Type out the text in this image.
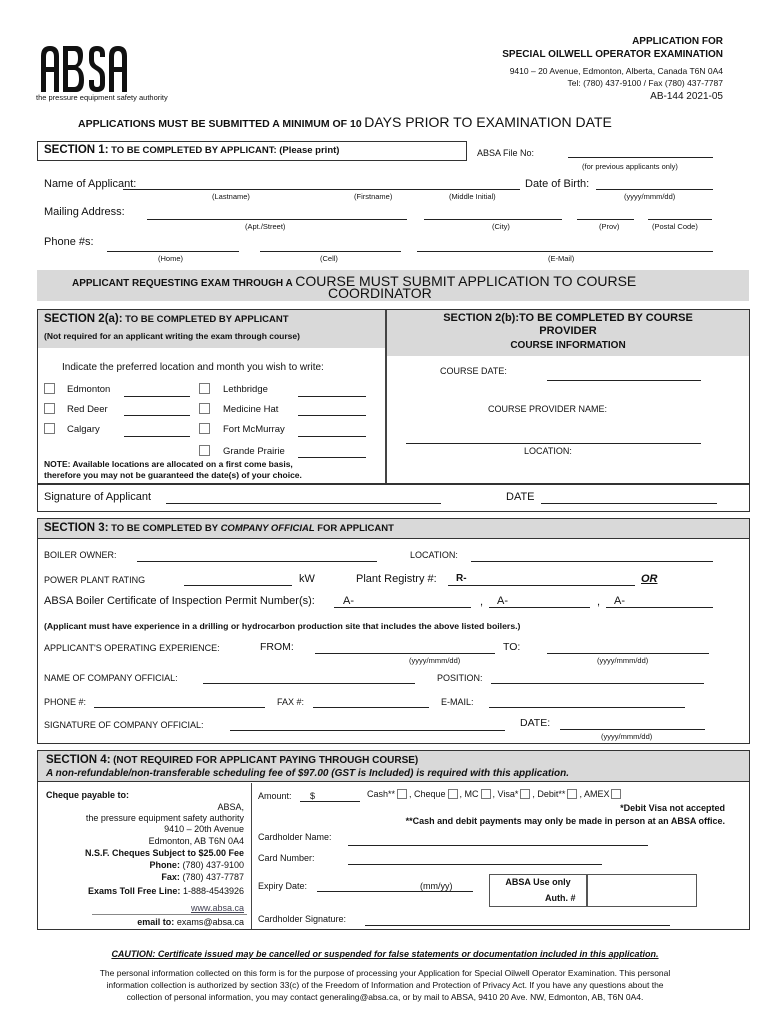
the pressure equipment safety authority
APPLICATION FOR
SPECIAL OILWELL OPERATOR EXAMINATION
9410 – 20 Avenue, Edmonton, Alberta, Canada T6N 0A4
Tel: (780) 437-9100 / Fax (780) 437-7787
AB-144 2021-05
APPLICATIONS MUST BE SUBMITTED A MINIMUM OF 10 DAYS PRIOR TO EXAMINATION DATE
SECTION 1: TO BE COMPLETED BY APPLICANT: (Please print)	ABSA File No:
(for previous applicants only)
Name of Applicant:	Date of Birth:
(Lastname)	(Firstname)	(Middle Initial)	(yyyy/mmm/dd)
Mailing Address:
(Apt./Street)	(City)	(Prov)	(Postal Code)
Phone #s:
(Home)	(Cell)	(E-Mail)
APPLICANT REQUESTING EXAM THROUGH A COURSE MUST SUBMIT APPLICATION TO COURSE
COORDINATOR
SECTION 2(a): TO BE COMPLETED BY APPLICANT
(Not required for an applicant writing the exam through course)
Indicate the preferred location and month you wish to write:
Edmonton
Red Deer
Calgary
Lethbridge
Medicine Hat
Fort McMurray
Grande Prairie
NOTE: Available locations are allocated on a first come basis,
therefore you may not be guaranteed the date(s) of your choice.
SECTION 2(b):TO BE COMPLETED BY COURSE
PROVIDER
COURSE INFORMATION
COURSE DATE:
COURSE PROVIDER NAME:
LOCATION:
Signature of Applicant	DATE
SECTION 3: TO BE COMPLETED BY COMPANY OFFICIAL FOR APPLICANT
BOILER OWNER:	LOCATION:
POWER PLANT RATING	kW	Plant Registry #: R-	OR
ABSA Boiler Certificate of Inspection Permit Number(s):	A-	, A-	, A-
(Applicant must have experience in a drilling or hydrocarbon production site that includes the above listed boilers.)
APPLICANT'S OPERATING EXPERIENCE:	FROM:	TO:
(yyyy/mmm/dd)	(yyyy/mmm/dd)
NAME OF COMPANY OFFICIAL:	POSITION:
PHONE #:	FAX #:	E-MAIL:
SIGNATURE OF COMPANY OFFICIAL:	DATE:
(yyyy/mmm/dd)
SECTION 4: (NOT REQUIRED FOR APPLICANT PAYING THROUGH COURSE)
A non-refundable/non-transferable scheduling fee of $97.00 (GST is Included) is required with this application.
Cheque payable to:
ABSA,
the pressure equipment safety authority
9410 – 20th Avenue
Edmonton, AB T6N 0A4
N.S.F. Cheques Subject to $25.00 Fee
Phone: (780) 437-9100
Fax: (780) 437-7787
Exams Toll Free Line: 1-888-4543926
www.absa.ca
email to: exams@absa.ca
Amount: $	Cash** , Cheque , MC , Visa* , Debit** , AMEX
*Debit Visa not accepted
**Cash and debit payments may only be made in person at an ABSA office.
Cardholder Name:
Card Number:
Expiry Date:	(mm/yy)	ABSA Use only
Auth. #
Cardholder Signature:
CAUTION: Certificate issued may be cancelled or suspended for false statements or documentation included in this application.
The personal information collected on this form is for the purpose of processing your Application for Special Oilwell Operator Examination. This personal
information collection is authorized by section 33(c) of the Freedom of Information and Protection of Privacy Act. If you have any questions about the
collection of personal information, you may contact generaling@absa.ca, or by mail to ABSA, 9410 20 Ave. NW, Edmonton, AB, T6N 0A4.
